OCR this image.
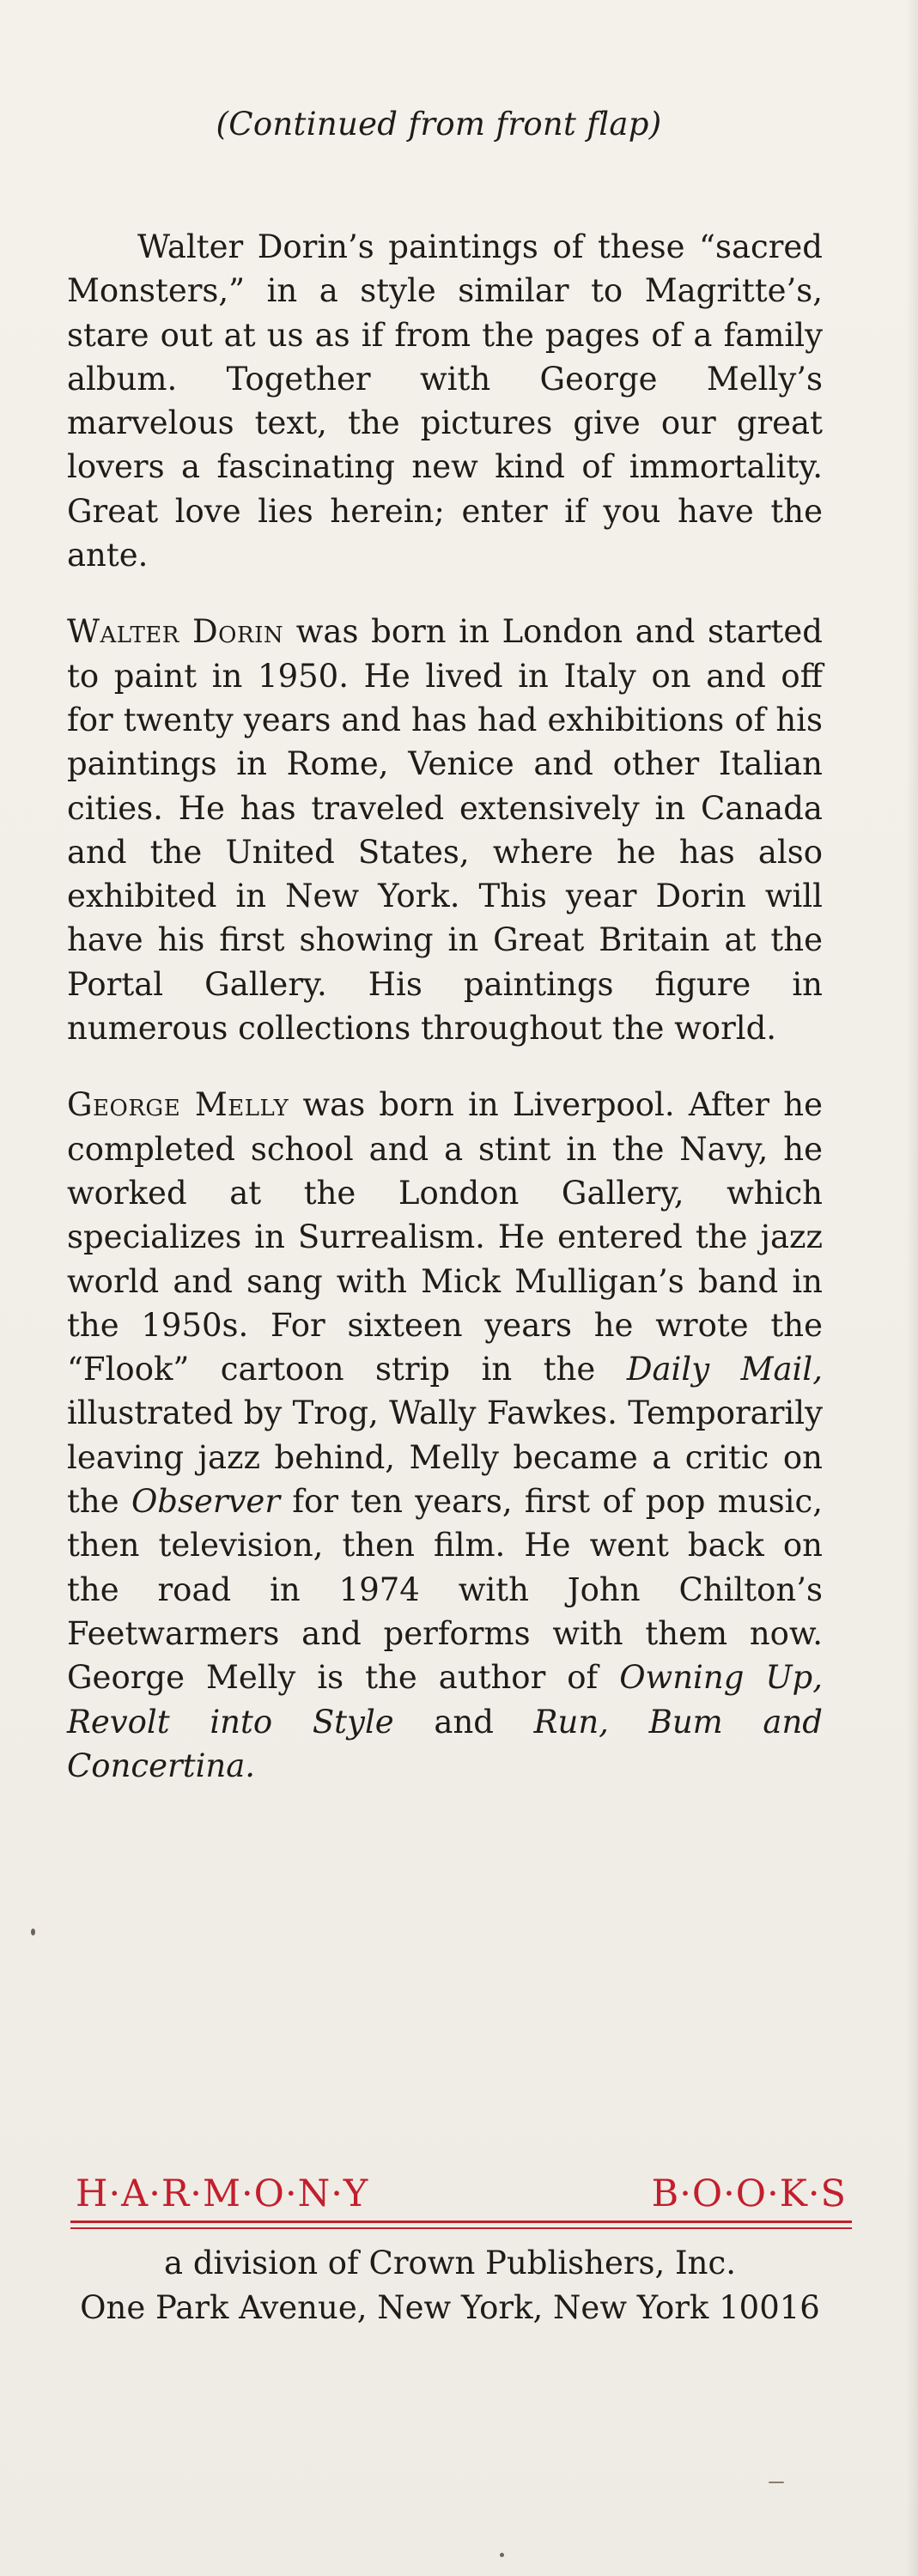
(Continued from front flap)

Walter Dorin’s paintings of these “sacred Monsters,” in a style similar to Magritte’s, stare out at us as if from the pages of a family album. Together with George Melly’s marvelous text, the pictures give our great lovers a fascinating new kind of immortality. Great love lies herein; enter if you have the ante.

Walter Dorin was born in London and started to paint in 1950. He lived in Italy on and off for twenty years and has had exhibitions of his paintings in Rome, Venice and other Italian cities. He has traveled extensively in Canada and the United States, where he has also exhibited in New York. This year Dorin will have his first showing in Great Britain at the Portal Gallery. His paintings figure in numerous collections throughout the world.

George Melly was born in Liverpool. After he completed school and a stint in the Navy, he worked at the London Gallery, which specializes in Surrealism. He entered the jazz world and sang with Mick Mulligan’s band in the 1950s. For sixteen years he wrote the “Flook” cartoon strip in the Daily Mail, illustrated by Trog, Wally Fawkes. Temporarily leaving jazz behind, Melly became a critic on the Observer for ten years, first of pop music, then television, then film. He went back on the road in 1974 with John Chilton’s Feetwarmers and performs with them now. George Melly is the author of Owning Up, Revolt into Style and Run, Bum and Concertina.

H · A · R · M · O · N · Y	B · O · O · K · S
a division of Crown Publishers, Inc.
One Park Avenue, New York, New York 10016
